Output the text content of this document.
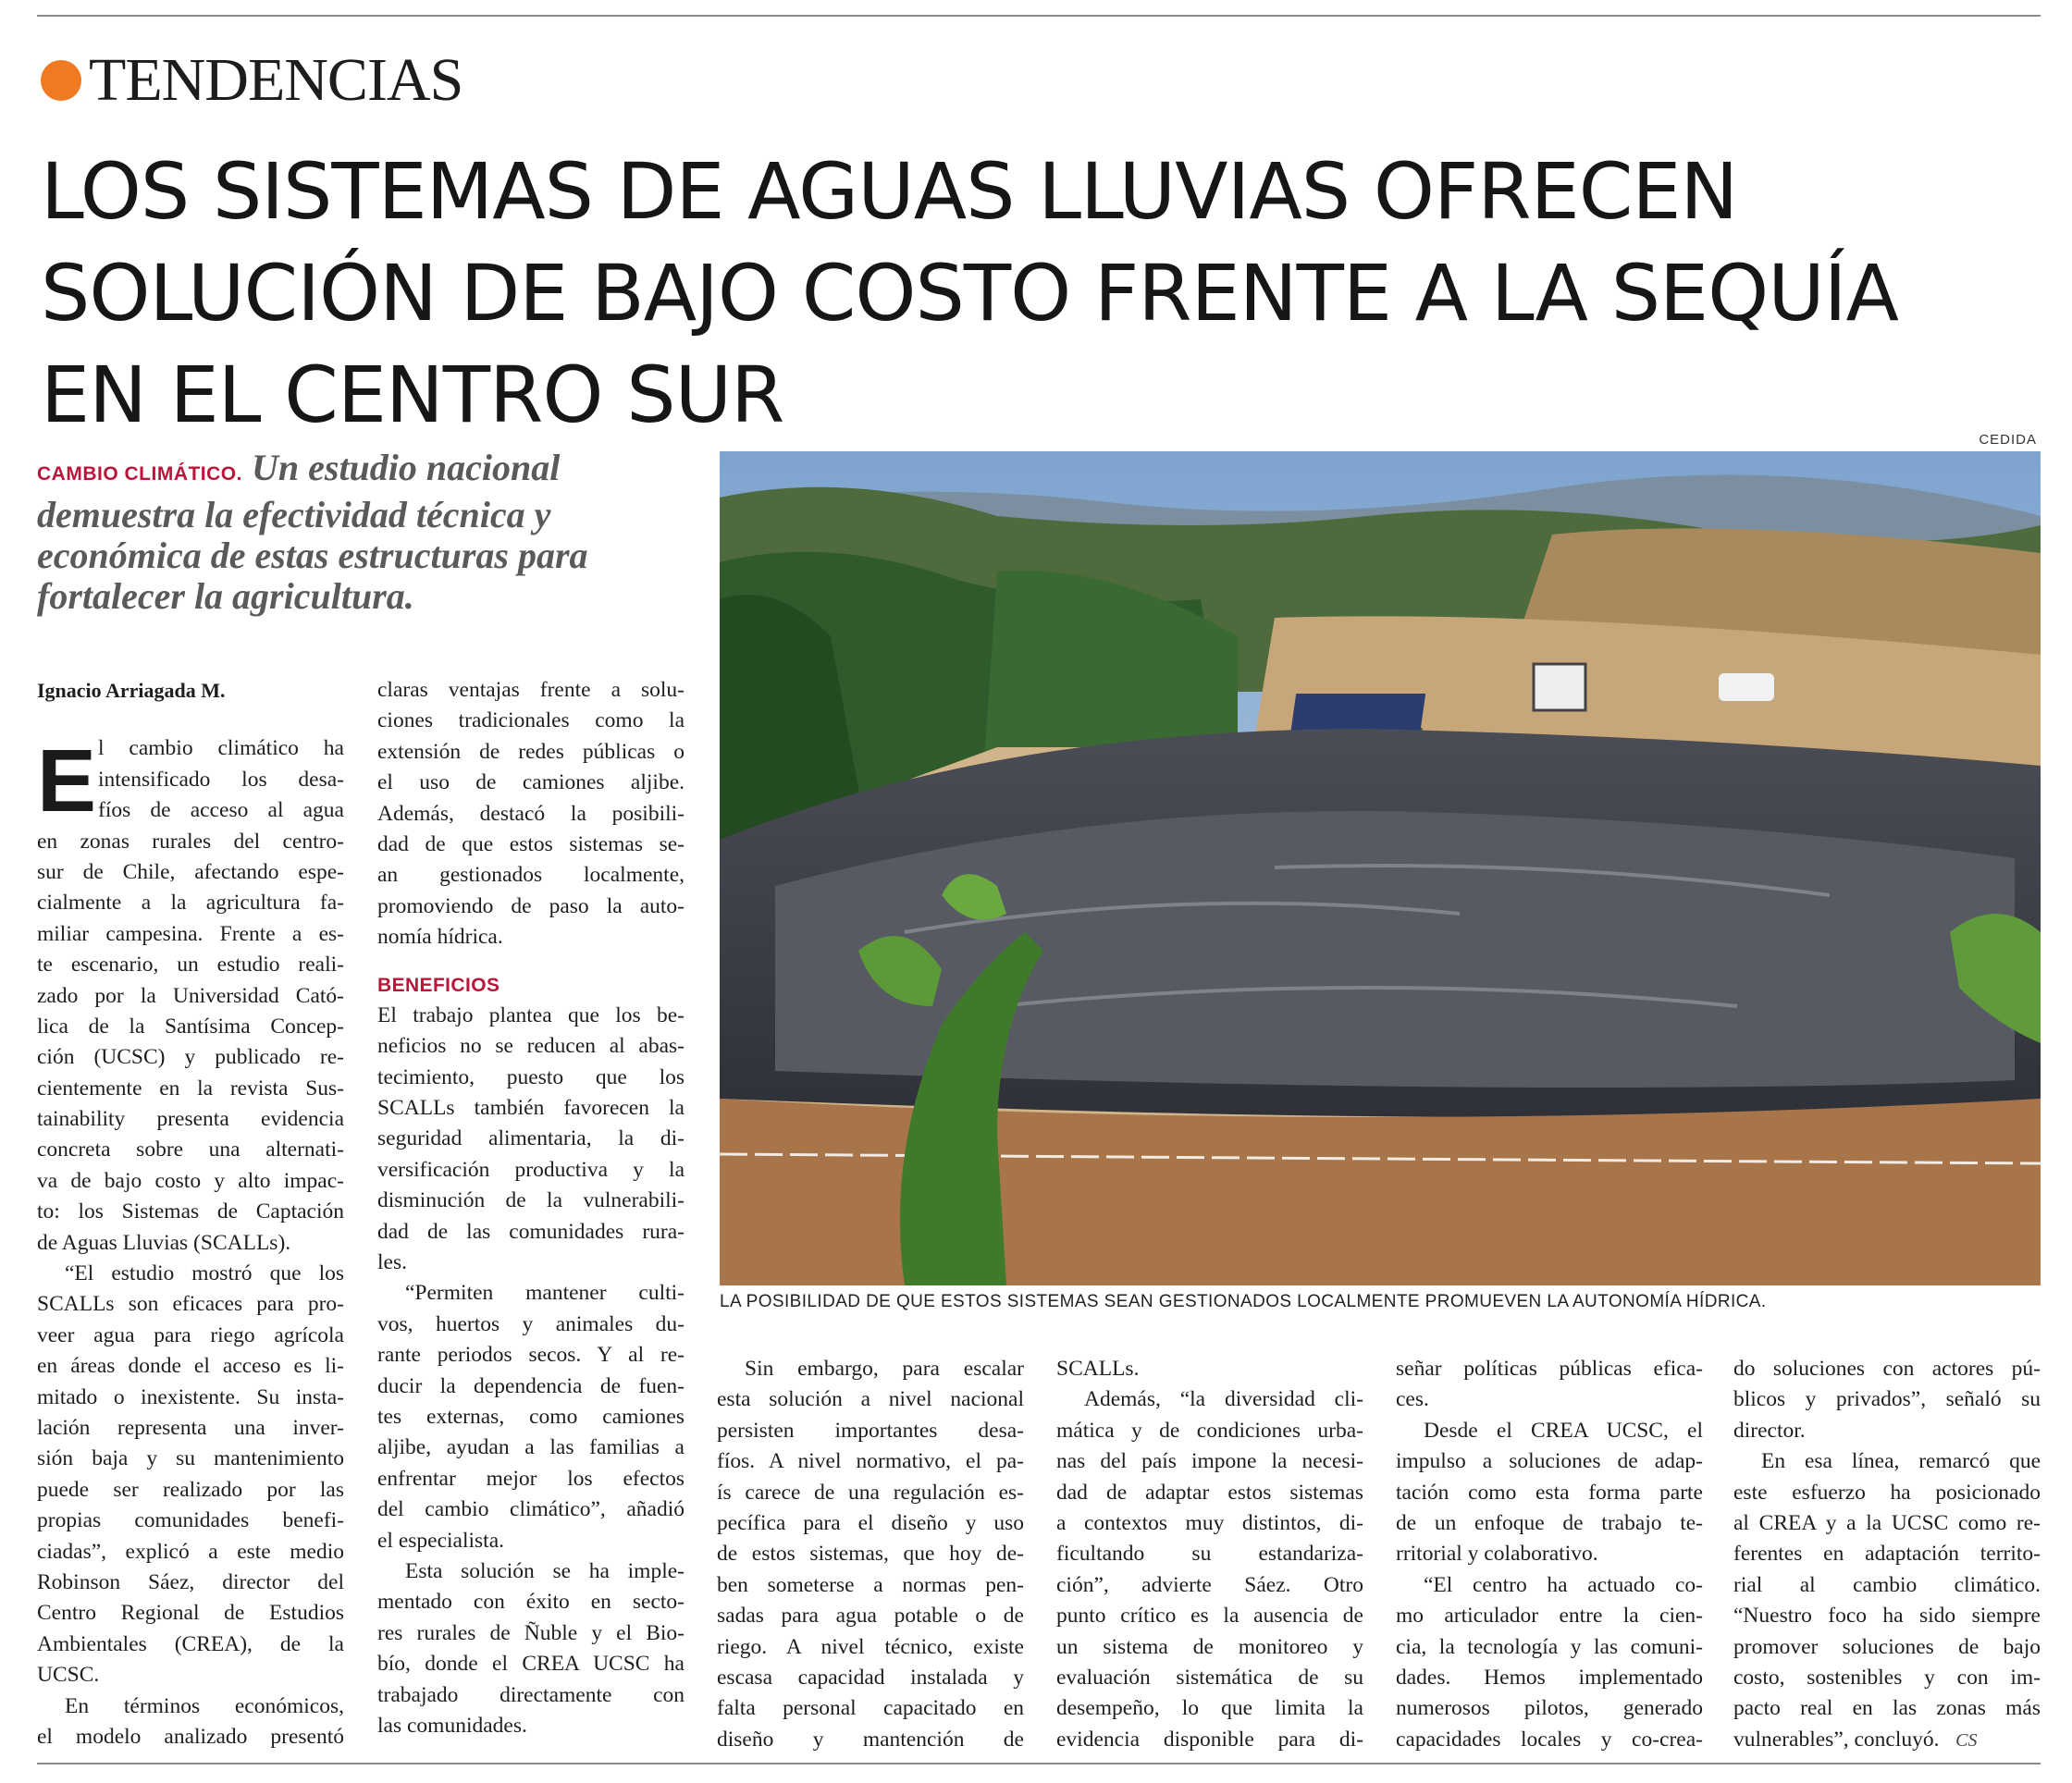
TENDENCIAS
LOS SISTEMAS DE AGUAS LLUVIAS OFRECEN
SOLUCIÓN DE BAJO COSTO FRENTE A LA SEQUÍA
EN EL CENTRO SUR

CAMBIO CLIMÁTICO. Un estudio nacional demuestra la efectividad técnica y económica de estas estructuras para fortalecer la agricultura.

CEDIDA
LA POSIBILIDAD DE QUE ESTOS SISTEMAS SEAN GESTIONADOS LOCALMENTE PROMUEVEN LA AUTONOMÍA HÍDRICA.
Ignacio Arriagada M.
E l cambio climático ha
intensificado los desa-
fíos de acceso al agua
en zonas rurales del centro-
sur de Chile, afectando espe-
cialmente a la agricultura fa-
miliar campesina. Frente a es-
te escenario, un estudio reali-
zado por la Universidad Cató-
lica de la Santísima Concep-
ción (UCSC) y publicado re-
cientemente en la revista Sus-
tainability presenta evidencia
concreta sobre una alternati-
va de bajo costo y alto impac-
to: los Sistemas de Captación
de Aguas Lluvias (SCALLs).
“El estudio mostró que los
SCALLs son eficaces para pro-
veer agua para riego agrícola
en áreas donde el acceso es li-
mitado o inexistente. Su insta-
lación representa una inver-
sión baja y su mantenimiento
puede ser realizado por las
propias comunidades benefi-
ciadas”, explicó a este medio
Robinson Sáez, director del
Centro Regional de Estudios
Ambientales (CREA), de la
UCSC.
En términos económicos,
el modelo analizado presentó
claras ventajas frente a solu-
ciones tradicionales como la
extensión de redes públicas o
el uso de camiones aljibe.
Además, destacó la posibili-
dad de que estos sistemas se-
an gestionados localmente,
promoviendo de paso la auto-
nomía hídrica.
BENEFICIOS
El trabajo plantea que los be-
neficios no se reducen al abas-
tecimiento, puesto que los
SCALLs también favorecen la
seguridad alimentaria, la di-
versificación productiva y la
disminución de la vulnerabili-
dad de las comunidades rura-
les.
“Permiten mantener culti-
vos, huertos y animales du-
rante periodos secos. Y al re-
ducir la dependencia de fuen-
tes externas, como camiones
aljibe, ayudan a las familias a
enfrentar mejor los efectos
del cambio climático”, añadió
el especialista.
Esta solución se ha imple-
mentado con éxito en secto-
res rurales de Ñuble y el Bio-
bío, donde el CREA UCSC ha
trabajado directamente con
las comunidades.
Sin embargo, para escalar
esta solución a nivel nacional
persisten importantes desa-
fíos. A nivel normativo, el pa-
ís carece de una regulación es-
pecífica para el diseño y uso
de estos sistemas, que hoy de-
ben someterse a normas pen-
sadas para agua potable o de
riego. A nivel técnico, existe
escasa capacidad instalada y
falta personal capacitado en
diseño y mantención de
SCALLs.
Además, “la diversidad cli-
mática y de condiciones urba-
nas del país impone la necesi-
dad de adaptar estos sistemas
a contextos muy distintos, di-
ficultando su estandariza-
ción”, advierte Sáez. Otro
punto crítico es la ausencia de
un sistema de monitoreo y
evaluación sistemática de su
desempeño, lo que limita la
evidencia disponible para di-
señar políticas públicas efica-
ces.
Desde el CREA UCSC, el
impulso a soluciones de adap-
tación como esta forma parte
de un enfoque de trabajo te-
rritorial y colaborativo.
“El centro ha actuado co-
mo articulador entre la cien-
cia, la tecnología y las comuni-
dades. Hemos implementado
numerosos pilotos, generado
capacidades locales y co-crea-
do soluciones con actores pú-
blicos y privados”, señaló su
director.
En esa línea, remarcó que
este esfuerzo ha posicionado
al CREA y a la UCSC como re-
ferentes en adaptación territo-
rial al cambio climático.
“Nuestro foco ha sido siempre
promover soluciones de bajo
costo, sostenibles y con im-
pacto real en las zonas más
vulnerables”, concluyó. CS
